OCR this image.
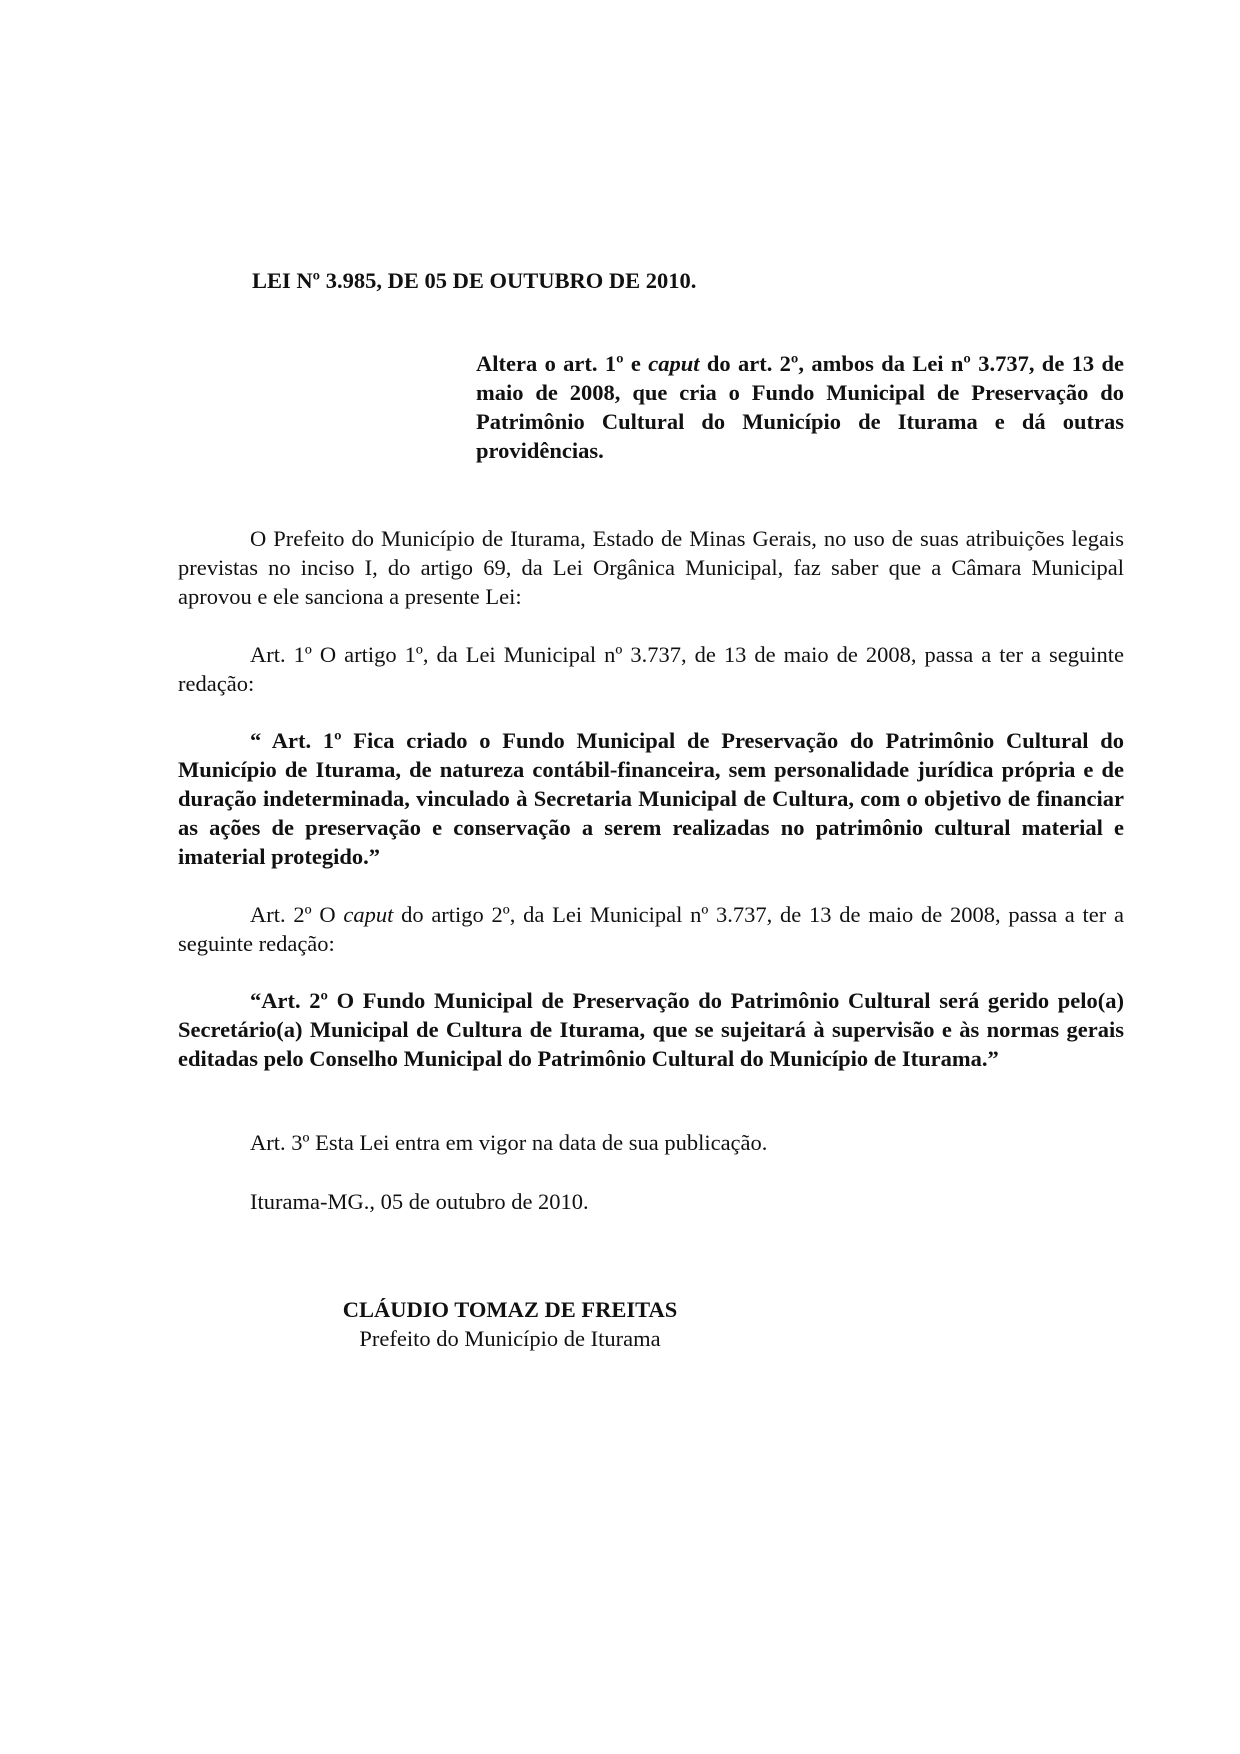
LEI Nº 3.985, DE 05 DE OUTUBRO DE 2010.
Altera o art. 1º e caput do art. 2º, ambos da Lei nº 3.737, de 13 de maio de 2008, que cria o Fundo Municipal de Preservação do Patrimônio Cultural do Município de Iturama e dá outras providências.
O Prefeito do Município de Iturama, Estado de Minas Gerais, no uso de suas atribuições legais previstas no inciso I, do artigo 69, da Lei Orgânica Municipal, faz saber que a Câmara Municipal aprovou e ele sanciona a presente Lei:
Art. 1º O artigo 1º, da Lei Municipal nº 3.737, de 13 de maio de 2008, passa a ter a seguinte redação:
“ Art. 1º Fica criado o Fundo Municipal de Preservação do Patrimônio Cultural do Município de Iturama, de natureza contábil-financeira, sem personalidade jurídica própria e de duração indeterminada, vinculado à Secretaria Municipal de Cultura, com o objetivo de financiar as ações de preservação e conservação a serem realizadas no patrimônio cultural material e imaterial protegido.”
Art. 2º O caput do artigo 2º, da Lei Municipal nº 3.737, de 13 de maio de 2008, passa a ter a seguinte redação:
“Art. 2º O Fundo Municipal de Preservação do Patrimônio Cultural será gerido pelo(a) Secretário(a) Municipal de Cultura de Iturama, que se sujeitará à supervisão e às normas gerais editadas pelo Conselho Municipal do Patrimônio Cultural do Município de Iturama.”
Art. 3º Esta Lei entra em vigor na data de sua publicação.
Iturama-MG., 05 de outubro de 2010.
CLÁUDIO TOMAZ DE FREITAS
Prefeito do Município de Iturama
